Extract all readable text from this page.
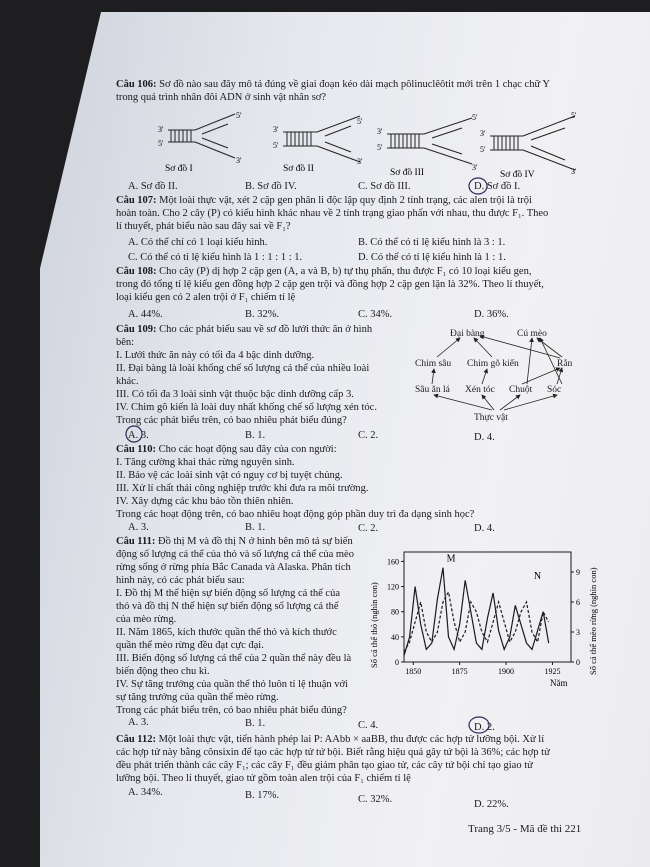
Câu 106: Sơ đồ nào sau đây mô tả đúng về giai đoạn kéo dài mạch pôlinuclêôtit mới trên 1 chạc chữ Y
trong quá trình nhân đôi ADN ở sinh vật nhân sơ?
3'
5'
5'
3'
Sơ đồ I
3'
5'
5'
3'
Sơ đồ II
3'
5'
5'
3'
Sơ đồ III
3'
5'
5'
3'
Sơ đồ IV
A. Sơ đồ II.	B. Sơ đồ IV.	C. Sơ đồ III.	D. Sơ đồ I.
Câu 107: Một loài thực vật, xét 2 cặp gen phân li độc lập quy định 2 tính trạng, các alen trội là trội
hoàn toàn. Cho 2 cây (P) có kiểu hình khác nhau về 2 tính trạng giao phấn với nhau, thu được F₁. Theo
lí thuyết, phát biểu nào sau đây sai về F₁?
A. Có thể chỉ có 1 loại kiểu hình.	B. Có thể có tỉ lệ kiểu hình là 3 : 1.
C. Có thể có tỉ lệ kiểu hình là 1 : 1 : 1 : 1.	D. Có thể có tỉ lệ kiểu hình là 1 : 1.
Câu 108: Cho cây (P) dị hợp 2 cặp gen (A, a và B, b) tự thụ phấn, thu được F₁ có 10 loại kiểu gen,
trong đó tổng tỉ lệ kiểu gen đồng hợp 2 cặp gen trội và đồng hợp 2 cặp gen lặn là 32%. Theo lí thuyết,
loại kiểu gen có 2 alen trội ở F₁ chiếm tỉ lệ
A. 44%.	B. 32%.	C. 34%.	D. 36%.
Câu 109: Cho các phát biểu sau về sơ đồ lưới thức ăn ở hình
bên:
I. Lưới thức ăn này có tối đa 4 bậc dinh dưỡng.
II. Đại bàng là loài khống chế số lượng cá thể của nhiều loài
khác.
III. Có tối đa 3 loài sinh vật thuộc bậc dinh dưỡng cấp 3.
IV. Chim gõ kiến là loài duy nhất khống chế số lượng xén tóc.
Trong các phát biểu trên, có bao nhiêu phát biểu đúng?
Đại bàng	Cú mèo
Chim sâu Chim gõ kiến	Rắn
Sâu ăn lá Xén tóc Chuột Sóc
Thực vật
A. 3.	B. 1.	C. 2.	D. 4.
Câu 110: Cho các hoạt động sau đây của con người:
I. Tăng cường khai thác rừng nguyên sinh.
II. Bảo vệ các loài sinh vật có nguy cơ bị tuyệt chủng.
III. Xử lí chất thải công nghiệp trước khi đưa ra môi trường.
IV. Xây dựng các khu bảo tồn thiên nhiên.
Trong các hoạt động trên, có bao nhiêu hoạt động góp phần duy trì đa dạng sinh học?
A. 3.	B. 1.	C. 2.	D. 4.
Câu 111: Đồ thị M và đồ thị N ở hình bên mô tả sự biến
động số lượng cá thể của thỏ và số lượng cá thể của mèo
rừng sống ở rừng phía Bắc Canada và Alaska. Phân tích
hình này, có các phát biểu sau:
I. Đồ thị M thể hiện sự biến động số lượng cá thể của
thỏ và đồ thị N thể hiện sự biến động số lượng cá thể
của mèo rừng.
II. Năm 1865, kích thước quần thể thỏ và kích thước
quần thể mèo rừng đều đạt cực đại.
III. Biến động số lượng cá thể của 2 quần thể này đều là
biến động theo chu kì.
IV. Sự tăng trưởng của quần thể thỏ luôn tỉ lệ thuận với
sự tăng trưởng của quần thể mèo rừng.
Trong các phát biểu trên, có bao nhiêu phát biểu đúng?
0
40
80
120
160
0
3
6
9
1850	1875	1900	1925
M
N
Năm
Số cá thể thỏ (nghìn con)	Số cá thể mèo rừng (nghìn con)
A. 3.	B. 1.	C. 4.	D. 2.
Câu 112: Một loài thực vật, tiến hành phép lai P: AAbb × aaBB, thu được các hợp tử lưỡng bội. Xử lí
các hợp tử này bằng cônsixin để tạo các hợp tử tứ bội. Biết rằng hiệu quả gây tứ bội là 36%; các hợp tử
đều phát triển thành các cây F₁; các cây F₁ đều giảm phân tạo giao tử, các cây tứ bội chỉ tạo giao tử
lưỡng bội. Theo lí thuyết, giao tử gồm toàn alen trội của F₁ chiếm tỉ lệ
A. 34%.	B. 17%.	C. 32%.	D. 22%.
Trang 3/5 - Mã đề thi 221
